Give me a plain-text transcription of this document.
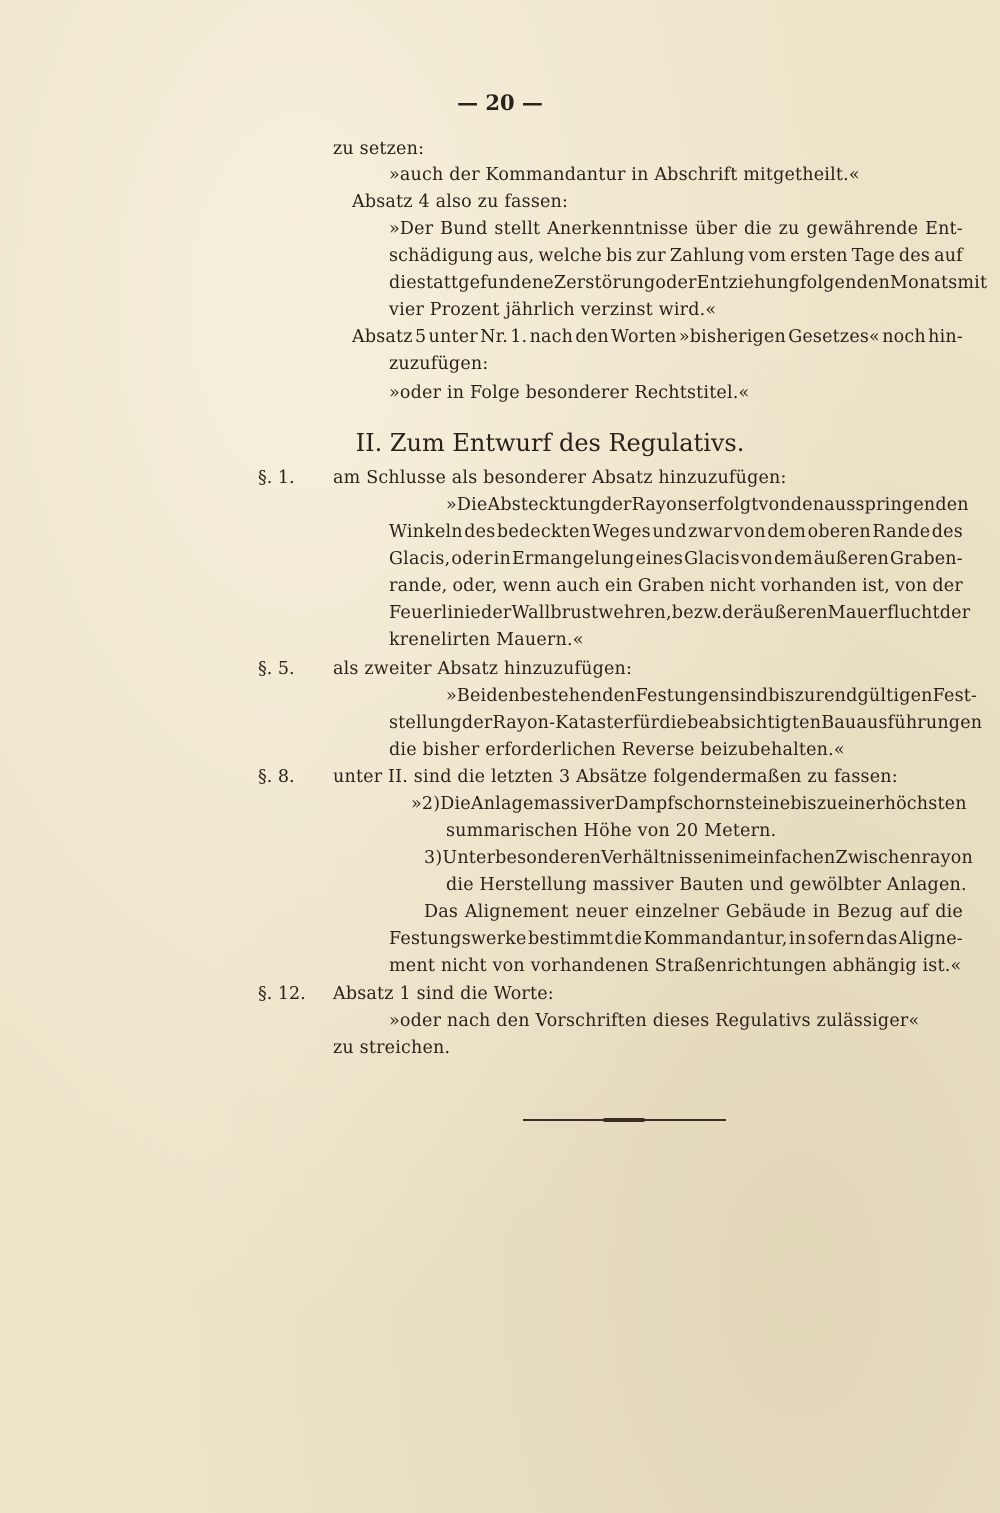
— 20 —
zu setzen:
»auch der Kommandantur in Abschrift mitgetheilt.«
Absatz 4 also zu fassen:
»Der Bund stellt Anerkenntnisse über die zu gewährende Ent-
schädigung aus, welche bis zur Zahlung vom ersten Tage des auf
die stattgefundene Zerstörung oder Entziehung folgenden Monats mit
vier Prozent jährlich verzinst wird.«
Absatz 5 unter Nr. 1. nach den Worten »bisherigen Gesetzes« noch hin-
zuzufügen:
»oder in Folge besonderer Rechtstitel.«
II. Zum Entwurf des Regulativs.
§. 1. am Schlusse als besonderer Absatz hinzuzufügen:
»Die Abstecktung der Rayons erfolgt von den ausspringenden
Winkeln des bedeckten Weges und zwar von dem oberen Rande des
Glacis, oder in Ermangelung eines Glacis von dem äußeren Graben-
rande, oder, wenn auch ein Graben nicht vorhanden ist, von der
Feuerlinie der Wallbrustwehren, bezw. der äußeren Mauerflucht der
krenelirten Mauern.«
§. 5. als zweiter Absatz hinzuzufügen:
»Bei den bestehenden Festungen sind bis zur endgültigen Fest-
stellung der Rayon-Kataster für die beabsichtigten Bauausführungen
die bisher erforderlichen Reverse beizubehalten.«
§. 8. unter II. sind die letzten 3 Absätze folgendermaßen zu fassen:
»2) Die Anlage massiver Dampfschornsteine bis zu einer höchsten
summarischen Höhe von 20 Metern.
3) Unter besonderen Verhältnissen im einfachen Zwischenrayon
die Herstellung massiver Bauten und gewölbter Anlagen.
Das Alignement neuer einzelner Gebäude in Bezug auf die
Festungswerke bestimmt die Kommandantur, in sofern das Aligne-
ment nicht von vorhandenen Straßenrichtungen abhängig ist.«
§. 12. Absatz 1 sind die Worte:
»oder nach den Vorschriften dieses Regulativs zulässiger«
zu streichen.
